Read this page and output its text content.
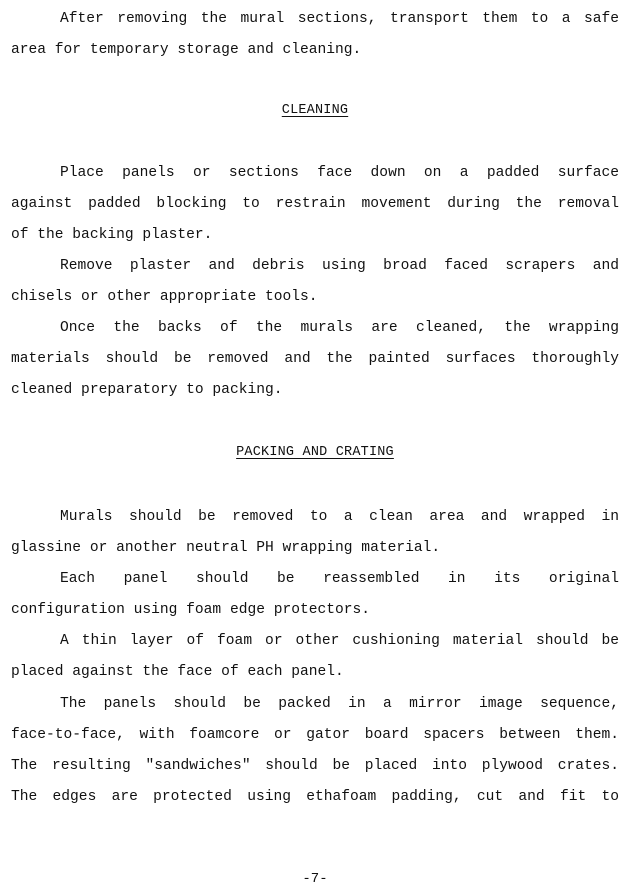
After removing the mural sections, transport them to a safe
area for temporary storage and cleaning.
CLEANING
Place panels or sections face down on a padded surface
against padded blocking to restrain movement during the removal
of the backing plaster.
Remove plaster and debris using broad faced scrapers and
chisels or other appropriate tools.
Once the backs of the murals are cleaned, the wrapping
materials should be removed and the painted surfaces thoroughly
cleaned preparatory to packing.
PACKING AND CRATING
Murals should be removed to a clean area and wrapped in
glassine or another neutral PH wrapping material.
Each panel should be reassembled in its original
configuration using foam edge protectors.
A thin layer of foam or other cushioning material should be
placed against the face of each panel.
The panels should be packed in a mirror image sequence,
face-to-face, with foamcore or gator board spacers between them.
The resulting "sandwiches" should be placed into plywood crates.
The edges are protected using ethafoam padding, cut and fit to
-7-
